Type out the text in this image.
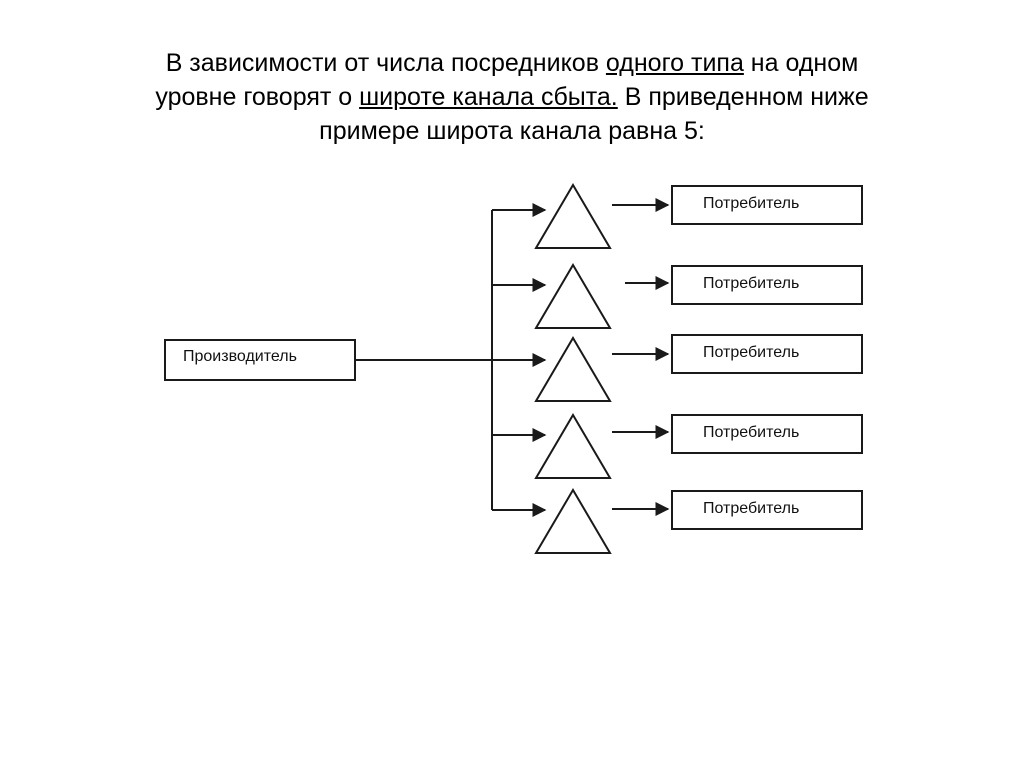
В зависимости от числа посредников одного типа на одном
уровне говорят о широте канала сбыта. В приведенном ниже
примере широта канала равна 5:
Производитель
Потребитель
Потребитель
Потребитель
Потребитель
Потребитель
